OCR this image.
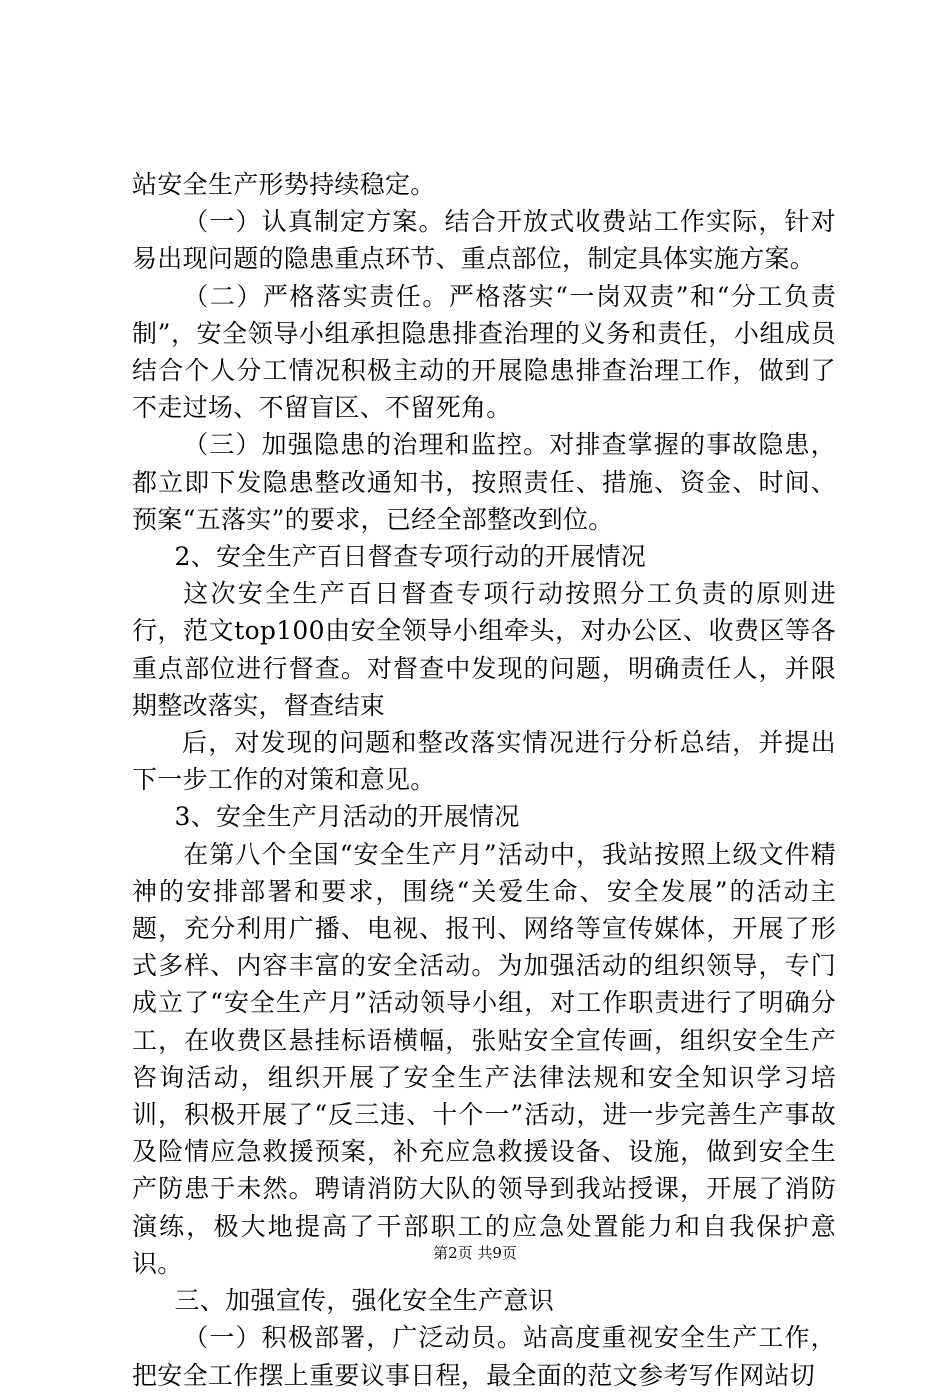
站安全生产形势持续稳定。

（一）认真制定方案。结合开放式收费站工作实际，针对易出现问题的隐患重点环节、重点部位，制定具体实施方案。

（二）严格落实责任。严格落实“一岗双责”和“分工负责制”，安全领导小组承担隐患排查治理的义务和责任，小组成员结合个人分工情况积极主动的开展隐患排查治理工作，做到了不走过场、不留盲区、不留死角。

（三）加强隐患的治理和监控。对排查掌握的事故隐患，都立即下发隐患整改通知书，按照责任、措施、资金、时间、预案“五落实”的要求，已经全部整改到位。

2、安全生产百日督查专项行动的开展情况

这次安全生产百日督查专项行动按照分工负责的原则进行，范文top100由安全领导小组牵头，对办公区、收费区等各重点部位进行督查。对督查中发现的问题，明确责任人，并限期整改落实，督查结束

后，对发现的问题和整改落实情况进行分析总结，并提出下一步工作的对策和意见。

3、安全生产月活动的开展情况

在第八个全国“安全生产月”活动中，我站按照上级文件精神的安排部署和要求，围绕“关爱生命、安全发展”的活动主题，充分利用广播、电视、报刊、网络等宣传媒体，开展了形式多样、内容丰富的安全活动。为加强活动的组织领导，专门成立了“安全生产月”活动领导小组，对工作职责进行了明确分工，在收费区悬挂标语横幅，张贴安全宣传画，组织安全生产咨询活动，组织开展了安全生产法律法规和安全知识学习培训，积极开展了“反三违、十个一”活动，进一步完善生产事故及险情应急救援预案，补充应急救援设备、设施，做到安全生产防患于未然。聘请消防大队的领导到我站授课，开展了消防演练，极大地提高了干部职工的应急处置能力和自我保护意识。

三、加强宣传，强化安全生产意识

（一）积极部署，广泛动员。站高度重视安全生产工作，把安全工作摆上重要议事日程，最全面的范文参考写作网站切

第2页 共9页
